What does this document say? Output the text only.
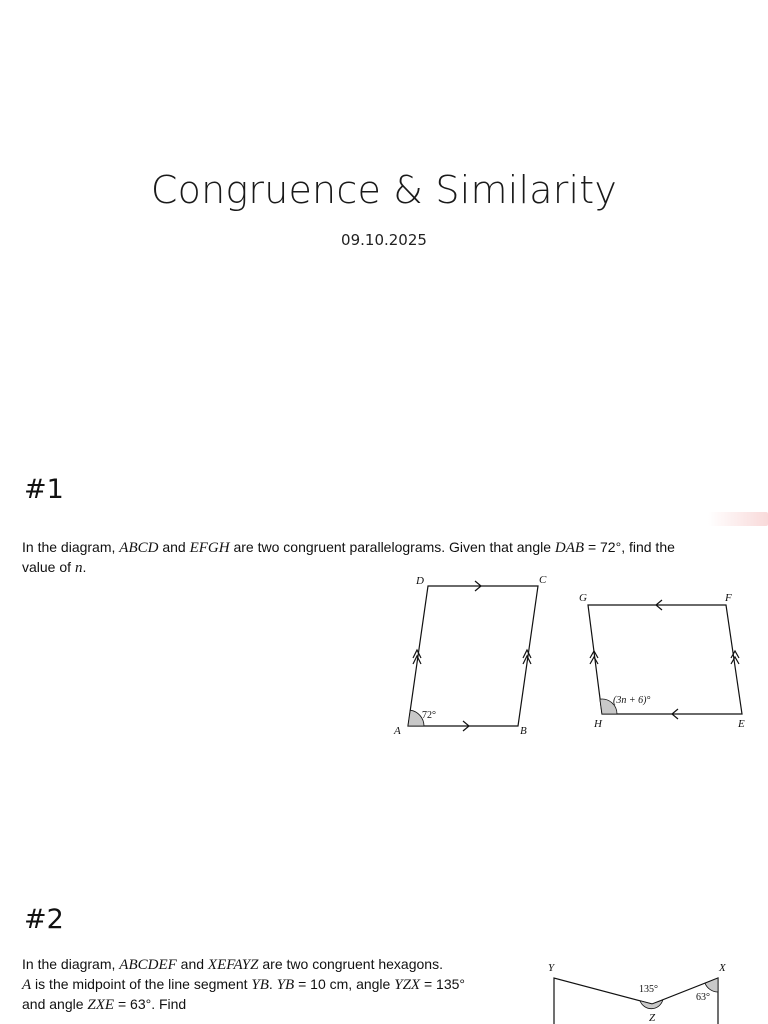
Congruence & Similarity
09.10.2025
#1
In the diagram, ABCD and EFGH are two congruent parallelograms. Given that angle DAB = 72°, find the
value of n.
D	C
A	B
G	F
H	E
72°
(3n + 6)°
#2
In the diagram, ABCDEF and XEFAYZ are two congruent hexagons.
A is the midpoint of the line segment YB. YB = 10 cm, angle YZX = 135°
and angle ZXE = 63°. Find
Y	X
Z
135°
63°
